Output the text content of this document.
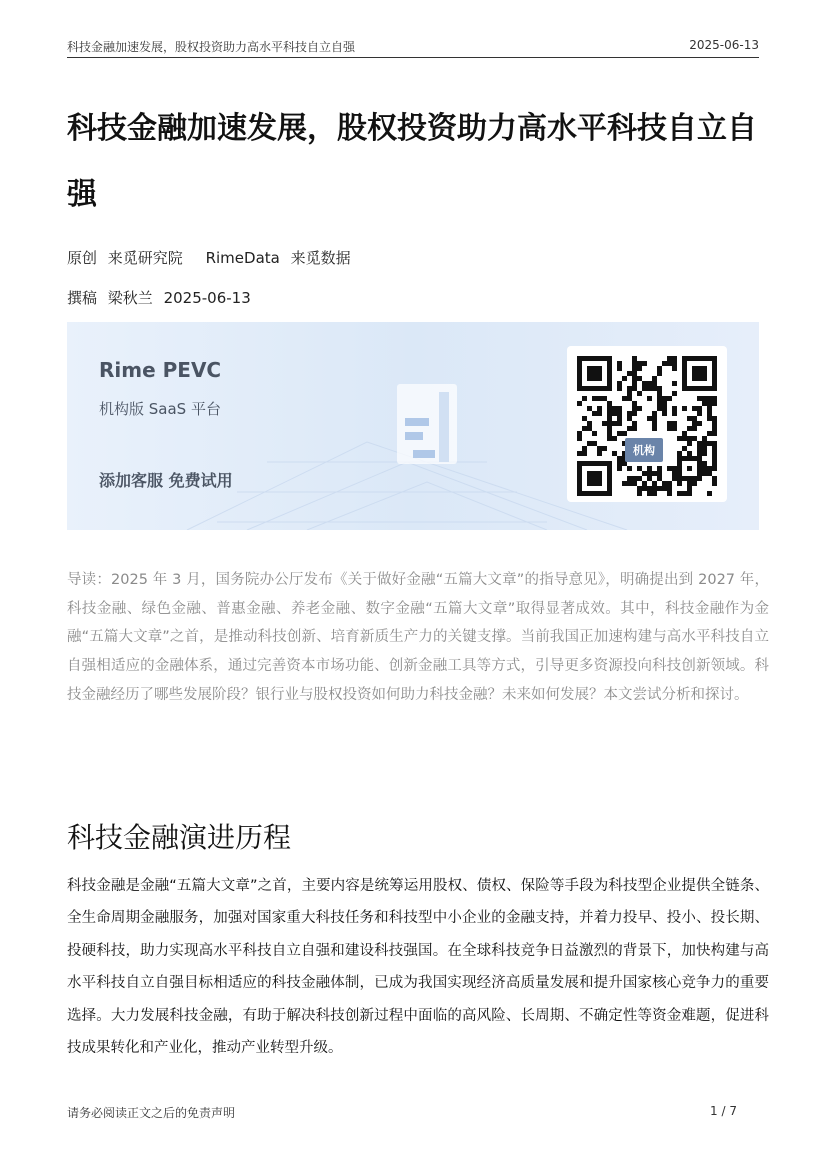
科技金融加速发展，股权投资助力高水平科技自立自强	2025-06-13
科技金融加速发展，股权投资助力高水平科技自立自强
原创 来觅研究院 RimeData 来觅数据
撰稿 梁秋兰 2025-06-13
Rime PEVC
机构版 SaaS 平台
添加客服 免费试用
机构

导读：2025 年 3 月，国务院办公厅发布《关于做好金融“五篇大文章”的指导意见》，明确提出到 2027 年，科技金融、绿色金融、普惠金融、养老金融、数字金融“五篇大文章”取得显著成效。其中，科技金融作为金融“五篇大文章”之首，是推动科技创新、培育新质生产力的关键支撑。当前我国正加速构建与高水平科技自立自强相适应的金融体系，通过完善资本市场功能、创新金融工具等方式，引导更多资源投向科技创新领域。科技金融经历了哪些发展阶段？银行业与股权投资如何助力科技金融？未来如何发展？本文尝试分析和探讨。

科技金融演进历程

科技金融是金融“五篇大文章”之首，主要内容是统筹运用股权、债权、保险等手段为科技型企业提供全链条、全生命周期金融服务，加强对国家重大科技任务和科技型中小企业的金融支持，并着力投早、投小、投长期、投硬科技，助力实现高水平科技自立自强和建设科技强国。在全球科技竞争日益激烈的背景下，加快构建与高水平科技自立自强目标相适应的科技金融体制，已成为我国实现经济高质量发展和提升国家核心竞争力的重要选择。大力发展科技金融，有助于解决科技创新过程中面临的高风险、长周期、不确定性等资金难题，促进科技成果转化和产业化，推动产业转型升级。

请务必阅读正文之后的免责声明	1 / 7
